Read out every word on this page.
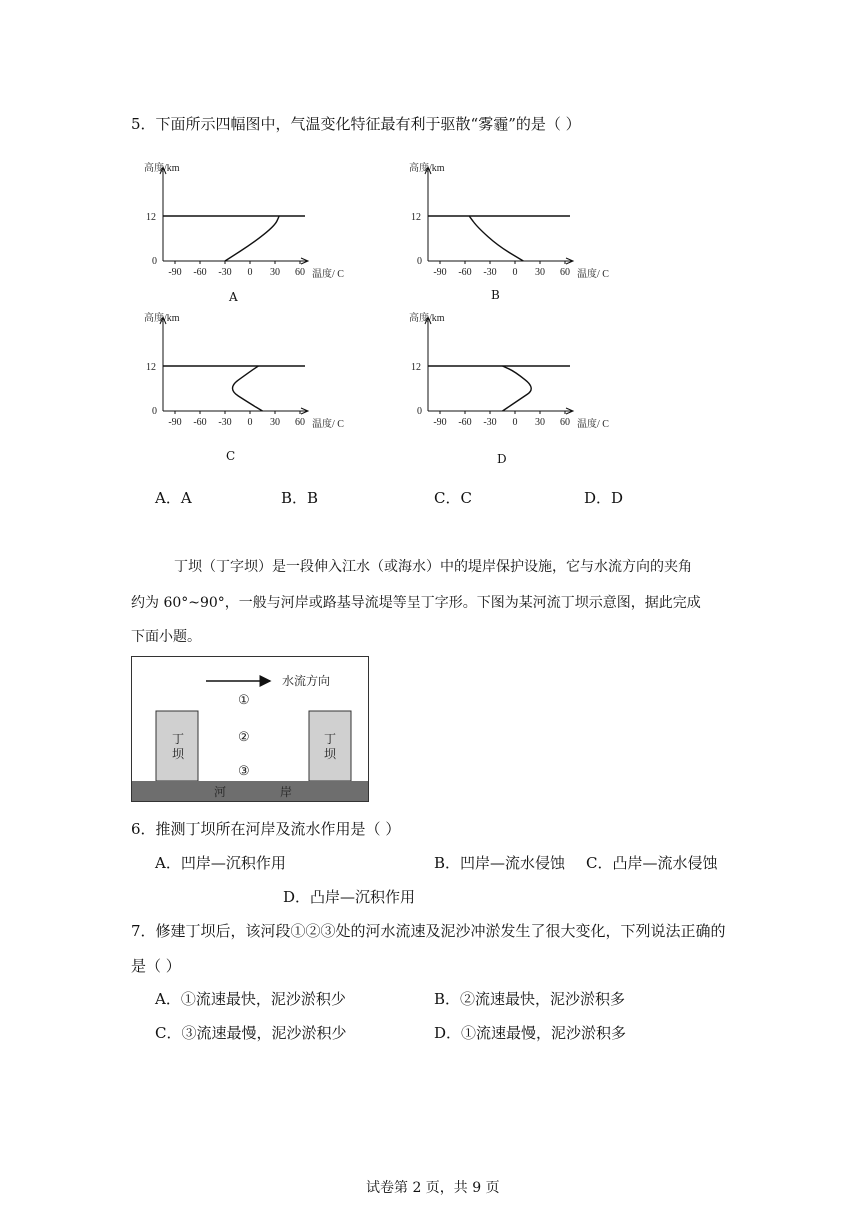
5．下面所示四幅图中，气温变化特征最有利于驱散“雾霾”的是（ ）
高度/km
温度/ C
12
0
-90 -60 -30 0 30 60
高度/km
温度/ C
12
0
-90 -60 -30 0 30 60
高度/km
温度/ C
12
0
-90 -60 -30 0 30 60
高度/km
温度/ C
12
0
-90 -60 -30 0 30 60
A	B
C	D
A．A	B．B	C．C	D．D
丁坝（丁字坝）是一段伸入江水（或海水）中的堤岸保护设施，它与水流方向的夹角
约为 60°~90°，一般与河岸或路基导流堤等呈丁字形。下图为某河流丁坝示意图，据此完成
下面小题。
水流方向
①
②
③
丁
坝
丁
坝
河	岸
6．推测丁坝所在河岸及流水作用是（ ）
A．凹岸—沉积作用	B．凹岸—流水侵蚀 C．凸岸—流水侵蚀
D．凸岸—沉积作用
7．修建丁坝后，该河段①②③处的河水流速及泥沙冲淤发生了很大变化，下列说法正确的
是（ ）
A．①流速最快，泥沙淤积少	B．②流速最快，泥沙淤积多
C．③流速最慢，泥沙淤积少	D．①流速最慢，泥沙淤积多
试卷第 2 页，共 9 页
